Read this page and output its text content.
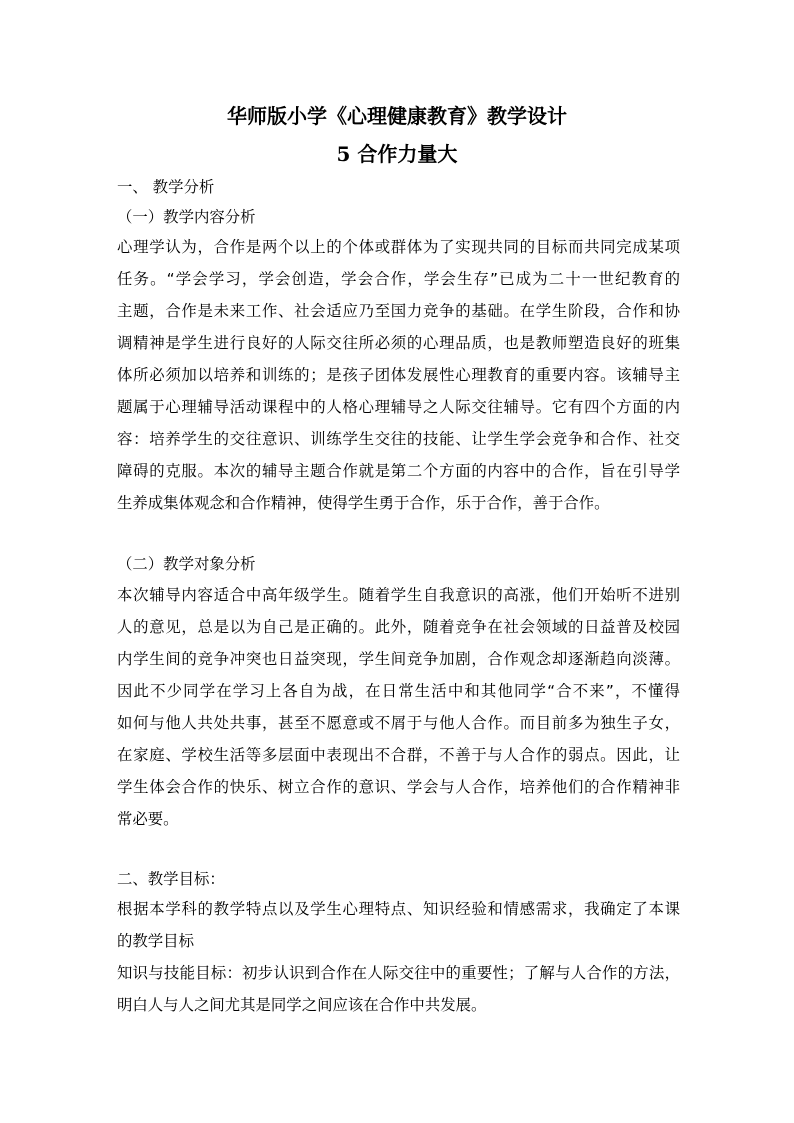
华师版小学《心理健康教育》教学设计
5 合作力量大
一、 教学分析
（一）教学内容分析
心理学认为，合作是两个以上的个体或群体为了实现共同的目标而共同完成某项
任务。“学会学习，学会创造，学会合作，学会生存”已成为二十一世纪教育的
主题，合作是未来工作、社会适应乃至国力竞争的基础。在学生阶段，合作和协
调精神是学生进行良好的人际交往所必须的心理品质，也是教师塑造良好的班集
体所必须加以培养和训练的；是孩子团体发展性心理教育的重要内容。该辅导主
题属于心理辅导活动课程中的人格心理辅导之人际交往辅导。它有四个方面的内
容：培养学生的交往意识、训练学生交往的技能、让学生学会竞争和合作、社交
障碍的克服。本次的辅导主题合作就是第二个方面的内容中的合作，旨在引导学
生养成集体观念和合作精神，使得学生勇于合作，乐于合作，善于合作。
（二）教学对象分析
本次辅导内容适合中高年级学生。随着学生自我意识的高涨，他们开始听不进别
人的意见，总是以为自己是正确的。此外，随着竞争在社会领域的日益普及校园
内学生间的竞争冲突也日益突现，学生间竞争加剧，合作观念却逐渐趋向淡薄。
因此不少同学在学习上各自为战，在日常生活中和其他同学“合不来”，不懂得
如何与他人共处共事，甚至不愿意或不屑于与他人合作。而目前多为独生子女，
在家庭、学校生活等多层面中表现出不合群，不善于与人合作的弱点。因此，让
学生体会合作的快乐、树立合作的意识、学会与人合作，培养他们的合作精神非
常必要。
二、教学目标：
根据本学科的教学特点以及学生心理特点、知识经验和情感需求，我确定了本课
的教学目标
知识与技能目标：初步认识到合作在人际交往中的重要性；了解与人合作的方法，
明白人与人之间尤其是同学之间应该在合作中共发展。
